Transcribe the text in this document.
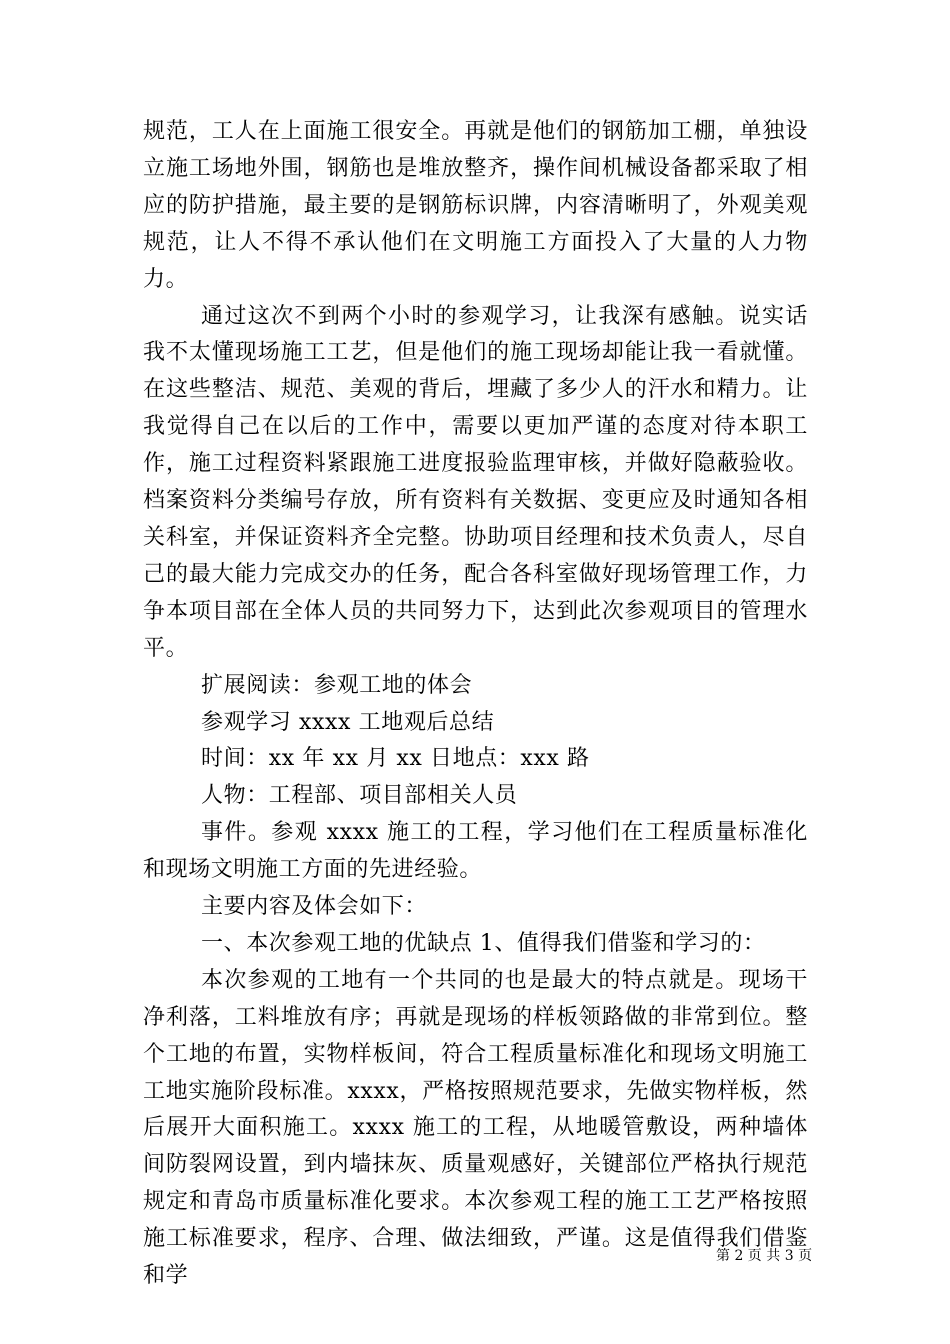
规范，工人在上面施工很安全。再就是他们的钢筋加工棚，单独设立施工场地外围，钢筋也是堆放整齐，操作间机械设备都采取了相应的防护措施，最主要的是钢筋标识牌，内容清晰明了，外观美观规范，让人不得不承认他们在文明施工方面投入了大量的人力物力。

通过这次不到两个小时的参观学习，让我深有感触。说实话我不太懂现场施工工艺，但是他们的施工现场却能让我一看就懂。在这些整洁、规范、美观的背后，埋藏了多少人的汗水和精力。让我觉得自己在以后的工作中，需要以更加严谨的态度对待本职工作，施工过程资料紧跟施工进度报验监理审核，并做好隐蔽验收。档案资料分类编号存放，所有资料有关数据、变更应及时通知各相关科室，并保证资料齐全完整。协助项目经理和技术负责人，尽自己的最大能力完成交办的任务，配合各科室做好现场管理工作，力争本项目部在全体人员的共同努力下，达到此次参观项目的管理水平。

扩展阅读：参观工地的体会

参观学习 xxxx 工地观后总结

时间：xx 年 xx 月 xx 日地点：xxx 路

人物：工程部、项目部相关人员

事件。参观 xxxx 施工的工程，学习他们在工程质量标准化和现场文明施工方面的先进经验。

主要内容及体会如下：

一、本次参观工地的优缺点 1、值得我们借鉴和学习的：

本次参观的工地有一个共同的也是最大的特点就是。现场干净利落，工料堆放有序；再就是现场的样板领路做的非常到位。整个工地的布置，实物样板间，符合工程质量标准化和现场文明施工工地实施阶段标准。xxxx，严格按照规范要求，先做实物样板，然后展开大面积施工。xxxx 施工的工程，从地暖管敷设，两种墙体间防裂网设置，到内墙抹灰、质量观感好，关键部位严格执行规范规定和青岛市质量标准化要求。本次参观工程的施工工艺严格按照施工标准要求，程序、合理、做法细致，严谨。这是值得我们借鉴和学

第 2 页 共 3 页
